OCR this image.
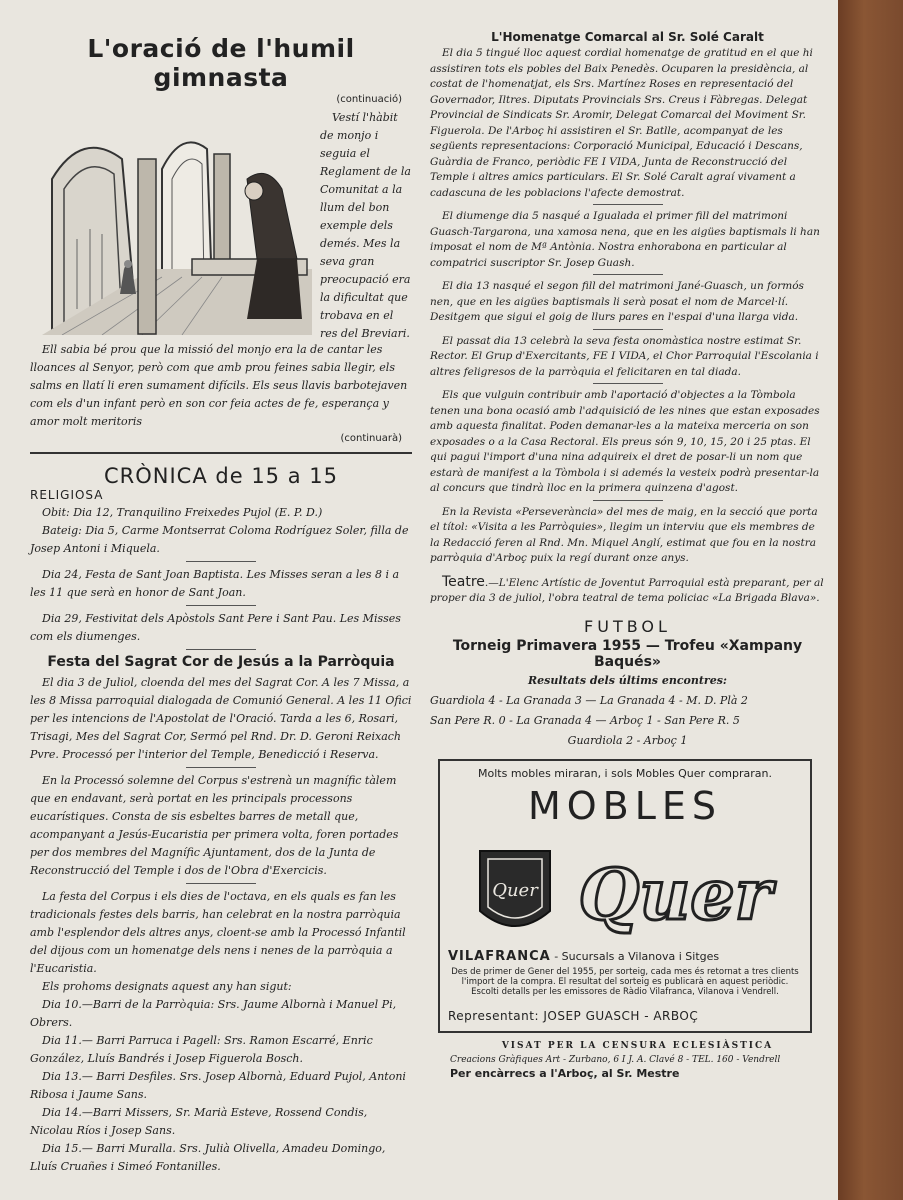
L'oració de l'humil gimnasta
(continuació)

Vestí l'hàbit de monjo i seguia el Reglament de la Comunitat a la llum del bon exemple dels demés. Mes la seva gran preocupació era la dificultat que trobava en el res del Breviari.

Ell sabia bé prou que la missió del monjo era la de cantar les lloances al Senyor, però com que amb prou feines sabia llegir, els salms en llatí li eren sumament difícils. Els seus llavis barbotejaven com els d'un infant però en son cor feia actes de fe, esperança y amor molt meritoris

(continuarà)
CRÒNICA de 15 a 15
RELIGIOSA

Obit: Dia 12, Tranquilino Freixedes Pujol (E. P. D.)

Bateig: Dia 5, Carme Montserrat Coloma Rodríguez Soler, filla de Josep Antoni i Miquela.

Dia 24, Festa de Sant Joan Baptista. Les Misses seran a les 8 i a les 11 que serà en honor de Sant Joan.

Dia 29, Festivitat dels Apòstols Sant Pere i Sant Pau. Les Misses com els diumenges.

Festa del Sagrat Cor de Jesús a la Parròquia

El dia 3 de Juliol, cloenda del mes del Sagrat Cor. A les 7 Missa, a les 8 Missa parroquial dialogada de Comunió General. A les 11 Ofici per les intencions de l'Apostolat de l'Oració. Tarda a les 6, Rosari, Trisagi, Mes del Sagrat Cor, Sermó pel Rnd. Dr. D. Geroni Reixach Pvre. Processó per l'interior del Temple, Benedicció i Reserva.

En la Processó solemne del Corpus s'estrenà un magnífic tàlem que en endavant, serà portat en les principals processons eucarístiques. Consta de sis esbeltes barres de metall que, acompanyant a Jesús-Eucaristia per primera volta, foren portades per dos membres del Magnífic Ajuntament, dos de la Junta de Reconstrucció del Temple i dos de l'Obra d'Exercicis.

La festa del Corpus i els dies de l'octava, en els quals es fan les tradicionals festes dels barris, han celebrat en la nostra parròquia amb l'esplendor dels altres anys, cloent-se amb la Processó Infantil del dijous com un homenatge dels nens i nenes de la parròquia a l'Eucaristia.

Els prohoms designats aquest any han sigut:

Dia 10.—Barri de la Parròquia: Srs. Jaume Albornà i Manuel Pi, Obrers.

Dia 11.— Barri Parruca i Pagell: Srs. Ramon Escarré, Enric González, Lluís Bandrés i Josep Figuerola Bosch.

Dia 13.— Barri Desfiles. Srs. Josep Albornà, Eduard Pujol, Antoni Ribosa i Jaume Sans.

Dia 14.—Barri Missers, Sr. Marià Esteve, Rossend Condis, Nicolau Ríos i Josep Sans.

Dia 15.— Barri Muralla. Srs. Julià Olivella, Amadeu Domingo, Lluís Cruañes i Simeó Fontanilles.

L'Homenatge Comarcal al Sr. Solé Caralt

El dia 5 tingué lloc aquest cordial homenatge de gratitud en el que hi assistiren tots els pobles del Baix Penedès. Ocuparen la presidència, al costat de l'homenatjat, els Srs. Martínez Roses en representació del Governador, Iltres. Diputats Provincials Srs. Creus i Fàbregas. Delegat Provincial de Sindicats Sr. Aromir, Delegat Comarcal del Moviment Sr. Figuerola. De l'Arboç hi assistiren el Sr. Batlle, acompanyat de les següents representacions: Corporació Municipal, Educació i Descans, Guàrdia de Franco, periòdic FE I VIDA, Junta de Reconstrucció del Temple i altres amics particulars. El Sr. Solé Caralt agraí vivament a cadascuna de les poblacions l'afecte demostrat.

El diumenge dia 5 nasqué a Igualada el primer fill del matrimoni Guasch-Targarona, una xamosa nena, que en les aigües baptismals li han imposat el nom de Mª Antònia. Nostra enhorabona en particular al compatrici suscriptor Sr. Josep Guash.

El dia 13 nasqué el segon fill del matrimoni Jané-Guasch, un formós nen, que en les aigües baptismals li serà posat el nom de Marcel·lí. Desitgem que sigui el goig de llurs pares en l'espai d'una llarga vida.

El passat dia 13 celebrà la seva festa onomàstica nostre estimat Sr. Rector. El Grup d'Exercitants, FE I VIDA, el Chor Parroquial l'Escolania i altres feligresos de la parròquia el felicitaren en tal diada.

Els que vulguin contribuir amb l'aportació d'objectes a la Tòmbola tenen una bona ocasió amb l'adquisició de les nines que estan exposades amb aquesta finalitat. Poden demanar-les a la mateixa merceria on son exposades o a la Casa Rectoral. Els preus són 9, 10, 15, 20 i 25 ptas. El qui pagui l'import d'una nina adquireix el dret de posar-li un nom que estarà de manifest a la Tòmbola i si ademés la vesteix podrà presentar-la al concurs que tindrà lloc en la primera quinzena d'agost.

En la Revista «Perseverància» del mes de maig, en la secció que porta el títol: «Visita a les Parròquies», llegim un interviu que els membres de la Redacció feren al Rnd. Mn. Miquel Anglí, estimat que fou en la nostra parròquia d'Arboç puix la regí durant onze anys.

Teatre.—L'Elenc Artístic de Joventut Parroquial està preparant, per al proper dia 3 de juliol, l'obra teatral de tema policiac «La Brigada Blava».

FUTBOL
Torneig Primavera 1955 — Trofeu «Xampany Baqués»
Resultats dels últims encontres:

Guardiola 4 - La Granada 3 — La Granada 4 - M. D. Plà 2

San Pere R. 0 - La Granada 4 — Arboç 1 - San Pere R. 5

Guardiola 2 - Arboç 1

Molts mobles miraran, i sols Mobles Quer compraran.
MOBLES
Quer Quer
VILAFRANCA - Sucursals a Vilanova i Sitges
Des de primer de Gener del 1955, per sorteig, cada mes és retornat a tres clients l'import de la compra. El resultat del sorteig es publicarà en aquest periòdic. Escolti detalls per les emissores de Ràdio Vilafranca, Vilanova i Vendrell.
Representant: JOSEP GUASCH - ARBOÇ
VISAT PER LA CENSURA ECLESIÀSTICA
Creacions Gràfiques Art - Zurbano, 6 I J. A. Clavé 8 - TEL. 160 - Vendrell
Per encàrrecs a l'Arboç, al Sr. Mestre
